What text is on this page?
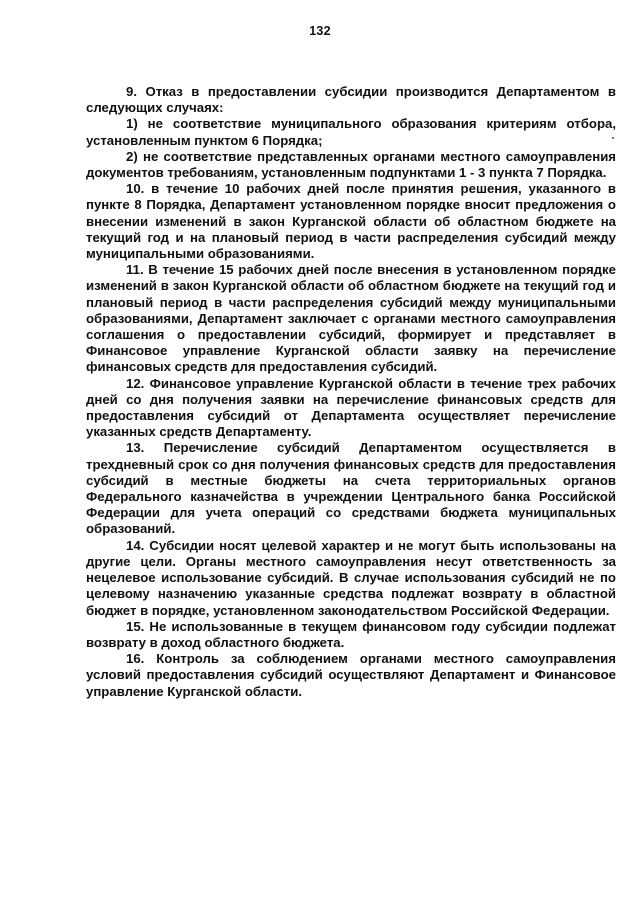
132

9. Отказ в предоставлении субсидии производится Департаментом в следующих случаях:

1) не соответствие муниципального образования критериям отбора, установленным пунктом 6 Порядка;

2) не соответствие представленных органами местного самоуправления документов требованиям, установленным подпунктами 1 - 3 пункта 7 Порядка.

10. в течение 10 рабочих дней после принятия решения, указанного в пункте 8 Порядка, Департамент установленном порядке вносит предложения о внесении изменений в закон Курганской области об областном бюджете на текущий год и на плановый период в части распределения субсидий между муниципальными образованиями.

11. В течение 15 рабочих дней после внесения в установленном порядке изменений в закон Курганской области об областном бюджете на текущий год и плановый период в части распределения субсидий между муниципальными образованиями, Департамент заключает с органами местного самоуправления соглашения о предоставлении субсидий, формирует и представляет в Финансовое управление Курганской области заявку на перечисление финансовых средств для предоставления субсидий.

12. Финансовое управление Курганской области в течение трех рабочих дней со дня получения заявки на перечисление финансовых средств для предоставления субсидий от Департамента осуществляет перечисление указанных средств Департаменту.

13. Перечисление субсидий Департаментом осуществляется в трехдневный срок со дня получения финансовых средств для предоставления субсидий в местные бюджеты на счета территориальных органов Федерального казначейства в учреждении Центрального банка Российской Федерации для учета операций со средствами бюджета муниципальных образований.

14. Субсидии носят целевой характер и не могут быть использованы на другие цели. Органы местного самоуправления несут ответственность за нецелевое использование субсидий. В случае использования субсидий не по целевому назначению указанные средства подлежат возврату в областной бюджет в порядке, установленном законодательством Российской Федерации.

15. Не использованные в текущем финансовом году субсидии подлежат возврату в доход областного бюджета.

16. Контроль за соблюдением органами местного самоуправления условий предоставления субсидий осуществляют Департамент и Финансовое управление Курганской области.
